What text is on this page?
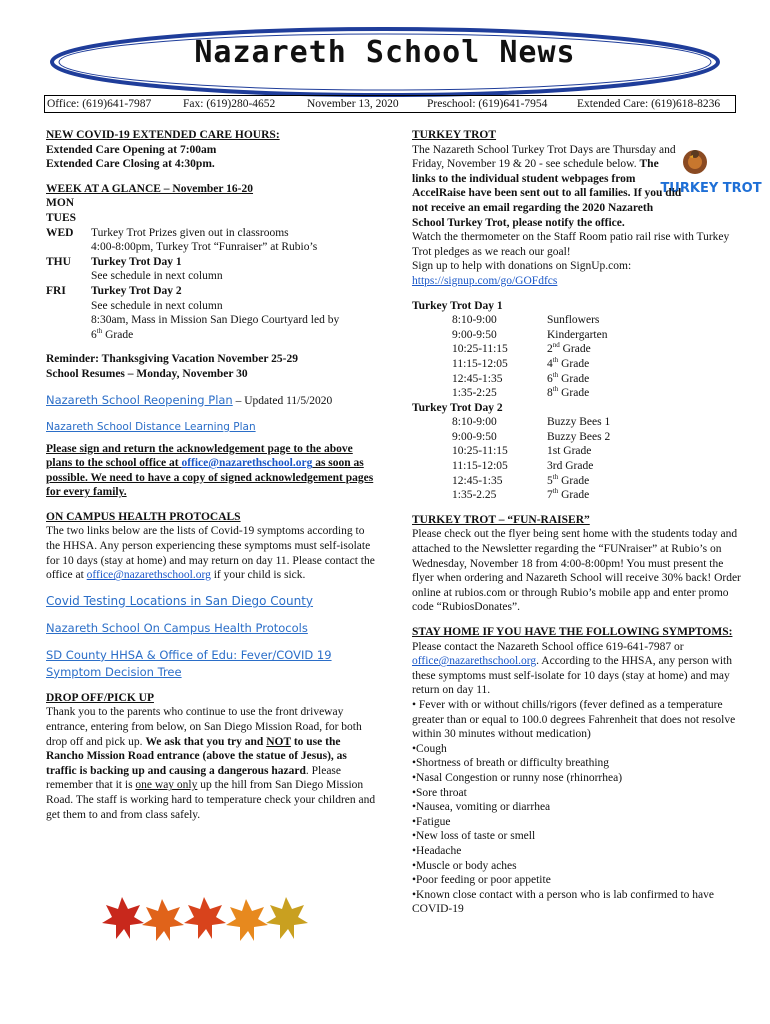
Nazareth School News
Office: (619)641-7987	Fax: (619)280-4652	November 13, 2020 Preschool: (619)641-7954	Extended Care: (619)618-8236

NEW COVID-19 EXTENDED CARE HOURS:

Extended Care Opening at 7:00am

Extended Care Closing at 4:30pm.

WEEK AT A GLANCE – November 16-20

MON
TUES
WED	Turkey Trot Prizes given out in classrooms
4:00-8:00pm, Turkey Trot “Funraiser” at Rubio’s
THU	Turkey Trot Day 1
See schedule in next column
FRI	Turkey Trot Day 2
See schedule in next column
8:30am, Mass in Mission San Diego Courtyard led by
6th Grade

Reminder: Thanksgiving Vacation November 25-29

School Resumes – Monday, November 30

Nazareth School Reopening Plan – Updated 11/5/2020

Nazareth School Distance Learning Plan

Please sign and return the acknowledgement page to the above plans to the school office at office@nazarethschool.org as soon as possible. We need to have a copy of signed acknowledgement pages for every family.

ON CAMPUS HEALTH PROTOCALS

The two links below are the lists of Covid-19 symptoms according to the HHSA. Any person experiencing these symptoms must self-isolate for 10 days (stay at home) and may return on day 11. Please contact the office at office@nazarethschool.org if your child is sick.

Covid Testing Locations in San Diego County

Nazareth School On Campus Health Protocols

SD County HHSA & Office of Edu: Fever/COVID 19 Symptom Decision Tree

DROP OFF/PICK UP

Thank you to the parents who continue to use the front driveway entrance, entering from below, on San Diego Mission Road, for both drop off and pick up. We ask that you try and NOT to use the Rancho Mission Road entrance (above the statue of Jesus), as traffic is backing up and causing a dangerous hazard. Please remember that it is one way only up the hill from San Diego Mission Road. The staff is working hard to temperature check your children and get them to and from class safely.

TURKEY TROT

TURKEY TROT

The Nazareth School Turkey Trot Days are Thursday and Friday, November 19 & 20 - see schedule below. The links to the individual student webpages from AccelRaise have been sent out to all families. If you did not receive an email regarding the 2020 Nazareth School Turkey Trot, please notify the office.

Watch the thermometer on the Staff Room patio rail rise with Turkey Trot pledges as we reach our goal!

Sign up to help with donations on SignUp.com:

https://signup.com/go/GOFdfcs

Turkey Trot Day 1

8:10-9:00	Sunflowers
9:00-9:50	Kindergarten
10:25-11:15	2nd Grade
11:15-12:05	4th Grade
12:45-1:35	6th Grade
1:35-2:25	8th Grade

Turkey Trot Day 2

8:10-9:00	Buzzy Bees 1
9:00-9:50	Buzzy Bees 2
10:25-11:15	1st Grade
11:15-12:05	3rd Grade
12:45-1:35	5th Grade
1:35-2.25	7th Grade

TURKEY TROT – “FUN-RAISER”

Please check out the flyer being sent home with the students today and attached to the Newsletter regarding the “FUNraiser” at Rubio’s on Wednesday, November 18 from 4:00-8:00pm! You must present the flyer when ordering and Nazareth School will receive 30% back! Order online at rubios.com or through Rubio’s mobile app and enter promo code “RubiosDonates”.

STAY HOME IF YOU HAVE THE FOLLOWING SYMPTOMS:

Please contact the Nazareth School office 619-641-7987 or office@nazarethschool.org. According to the HHSA, any person with these symptoms must self-isolate for 10 days (stay at home) and may return on day 11.

• Fever with or without chills/rigors (fever defined as a temperature greater than or equal to 100.0 degrees Fahrenheit that does not resolve within 30 minutes without medication)

• Cough

• Shortness of breath or difficulty breathing

• Nasal Congestion or runny nose (rhinorrhea)

• Sore throat

• Nausea, vomiting or diarrhea

• Fatigue

• New loss of taste or smell

• Headache

• Muscle or body aches

• Poor feeding or poor appetite

• Known close contact with a person who is lab confirmed to have COVID-19
